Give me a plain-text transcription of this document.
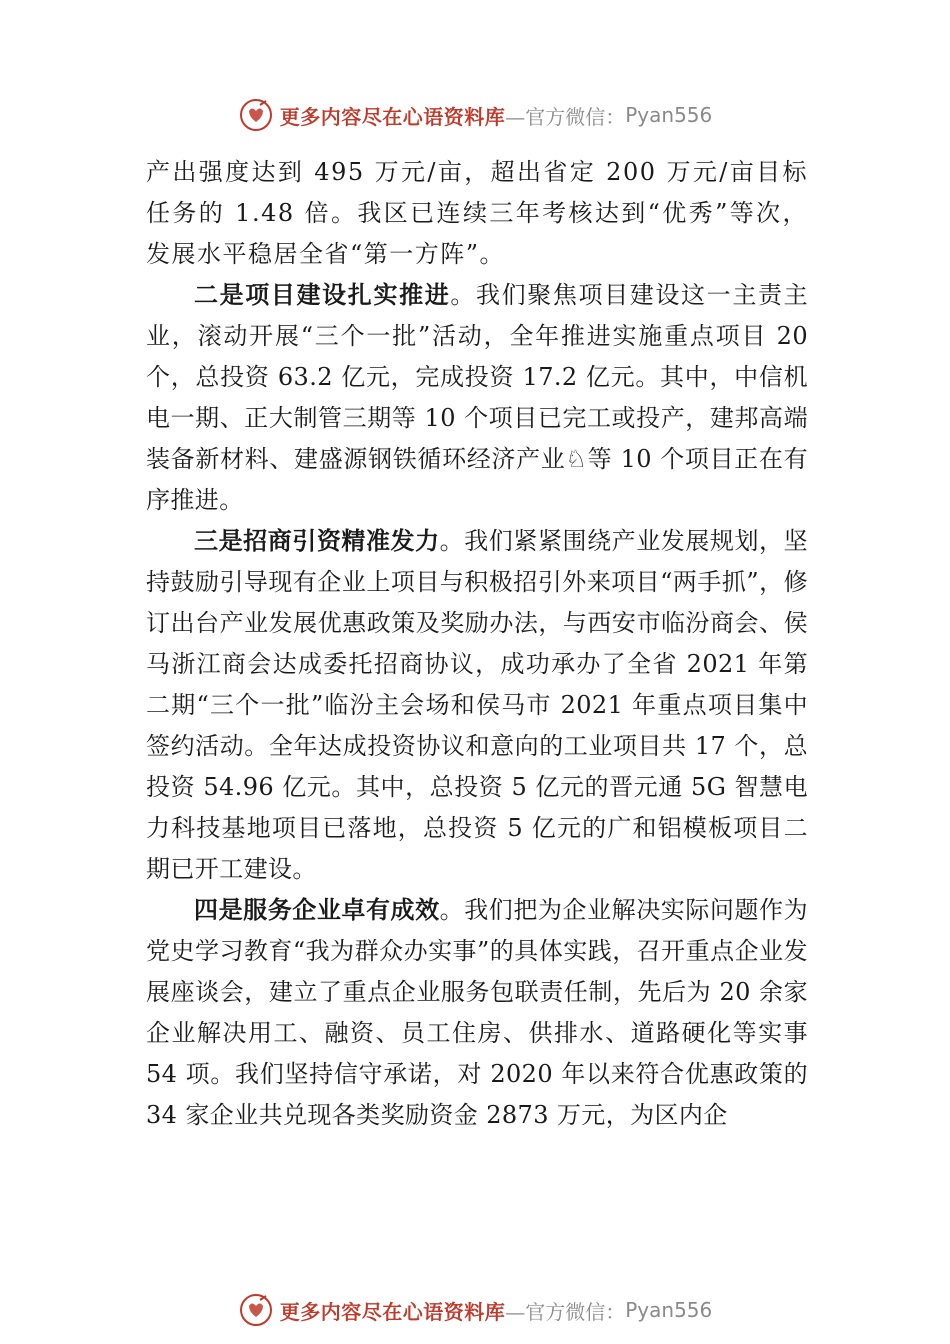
更多内容尽在心语资料库 —官方微信： Pyan556

产出强度达到 495 万元/亩，超出省定 200 万元/亩目标任务的 1.48 倍。我区已连续三年考核达到“优秀”等次，发展水平稳居全省“第一方阵”。

二是项目建设扎实推进。我们聚焦项目建设这一主责主业，滚动开展“三个一批”活动，全年推进实施重点项目 20 个，总投资 63.2 亿元，完成投资 17.2 亿元。其中，中信机电一期、正大制管三期等 10 个项目已完工或投产，建邦高端装备新材料、建盛源钢铁循环经济产业♘等 10 个项目正在有序推进。

三是招商引资精准发力。我们紧紧围绕产业发展规划，坚持鼓励引导现有企业上项目与积极招引外来项目“两手抓”，修订出台产业发展优惠政策及奖励办法，与西安市临汾商会、侯马浙江商会达成委托招商协议，成功承办了全省 2021 年第二期“三个一批”临汾主会场和侯马市 2021 年重点项目集中签约活动。全年达成投资协议和意向的工业项目共 17 个，总投资 54.96 亿元。其中，总投资 5 亿元的晋元通 5G 智慧电力科技基地项目已落地，总投资 5 亿元的广和铝模板项目二期已开工建设。

四是服务企业卓有成效。我们把为企业解决实际问题作为党史学习教育“我为群众办实事”的具体实践，召开重点企业发展座谈会，建立了重点企业服务包联责任制，先后为 20 余家企业解决用工、融资、员工住房、供排水、道路硬化等实事 54 项。我们坚持信守承诺，对 2020 年以来符合优惠政策的 34 家企业共兑现各类奖励资金 2873 万元，为区内企

更多内容尽在心语资料库 —官方微信： Pyan556
